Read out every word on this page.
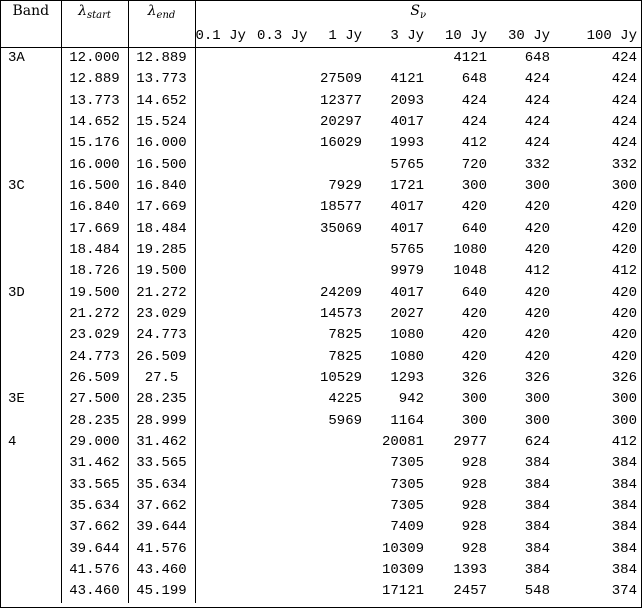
Band	$\lambda_{start}$	$\lambda_{end}$	$S_\nu$
			0.1 Jy	0.3 Jy	1 Jy	3 Jy	10 Jy	30 Jy	100 Jy
3A	12.000	12.889					4121	648	424
	12.889	13.773			27509	4121	648	424	424
	13.773	14.652			12377	2093	424	424	424
	14.652	15.524			20297	4017	424	424	424
	15.176	16.000			16029	1993	412	424	424
	16.000	16.500				5765	720	332	332
3C	16.500	16.840			7929	1721	300	300	300
	16.840	17.669			18577	4017	420	420	420
	17.669	18.484			35069	4017	640	420	420
	18.484	19.285				5765	1080	420	420
	18.726	19.500				9979	1048	412	412
3D	19.500	21.272			24209	4017	640	420	420
	21.272	23.029			14573	2027	420	420	420
	23.029	24.773			7825	1080	420	420	420
	24.773	26.509			7825	1080	420	420	420
	26.509	27.5			10529	1293	326	326	326
3E	27.500	28.235			4225	942	300	300	300
	28.235	28.999			5969	1164	300	300	300
4	29.000	31.462				20081	2977	624	412
	31.462	33.565				7305	928	384	384
	33.565	35.634				7305	928	384	384
	35.634	37.662				7305	928	384	384
	37.662	39.644				7409	928	384	384
	39.644	41.576				10309	928	384	384
	41.576	43.460				10309	1393	384	384
	43.460	45.199				17121	2457	548	374
